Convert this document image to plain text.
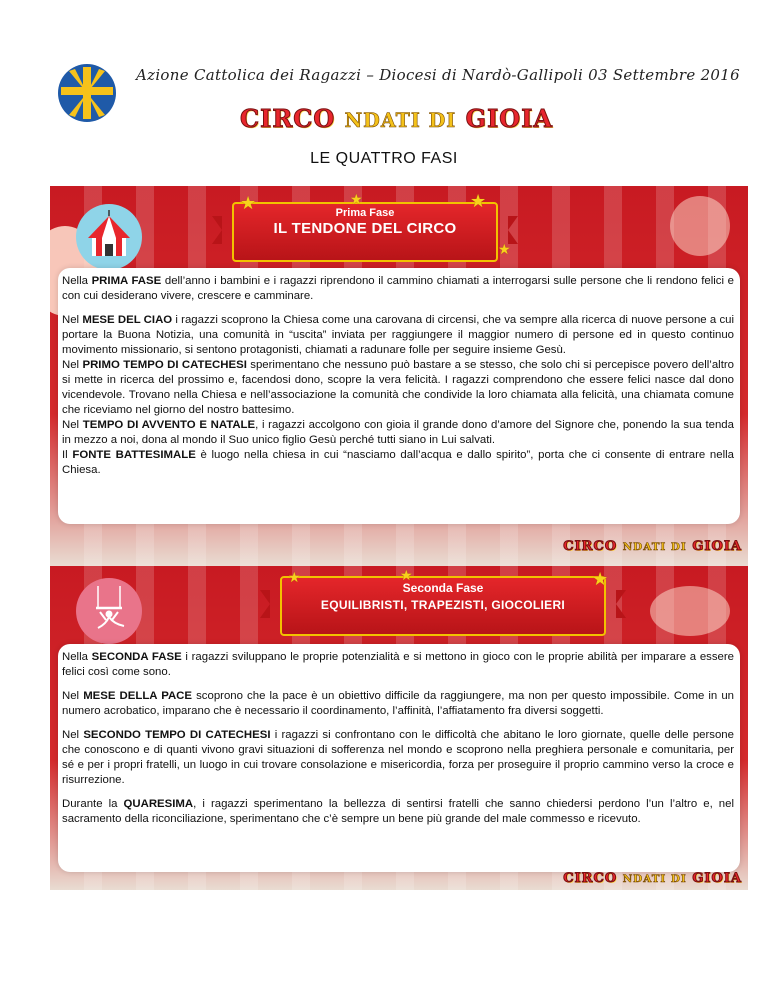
Azione Cattolica dei Ragazzi – Diocesi di Nardò-Gallipoli 03 Settembre 2016
CIRCO NDATI DI GIOIA
LE QUATTRO FASI
Prima Fase
IL TENDONE DEL CIRCO
★	★	★
★

Nella PRIMA FASE dell’anno i bambini e i ragazzi riprendono il cammino chiamati a interrogarsi sulle persone che li rendono felici e con cui desiderano vivere, crescere e camminare.

Nel MESE DEL CIAO i ragazzi scoprono la Chiesa come una carovana di circensi, che va sempre alla ricerca di nuove persone a cui portare la Buona Notizia, una comunità in “uscita” inviata per raggiungere il maggior numero di persone ed in questo continuo movimento missionario, si sentono protagonisti, chiamati a radunare folle per seguire insieme Gesù.

Nel PRIMO TEMPO DI CATECHESI sperimentano che nessuno può bastare a se stesso, che solo chi si percepisce povero dell’altro si mette in ricerca del prossimo e, facendosi dono, scopre la vera felicità. I ragazzi comprendono che essere felici nasce dal dono vicendevole. Trovano nella Chiesa e nell’associazione la comunità che condivide la loro chiamata alla felicità, una chiamata comune che riceviamo nel giorno del nostro battesimo.

Nel TEMPO DI AVVENTO E NATALE, i ragazzi accolgono con gioia il grande dono d’amore del Signore che, ponendo la sua tenda in mezzo a noi, dona al mondo il Suo unico figlio Gesù perché tutti siano in Lui salvati.

Il FONTE BATTESIMALE è luogo nella chiesa in cui “nasciamo dall’acqua e dallo spirito”, porta che ci consente di entrare nella Chiesa.

CIRCO NDATI DI GIOIA
Seconda Fase
EQUILIBRISTI, TRAPEZISTI, GIOCOLIERI
★	★	★

Nella SECONDA FASE i ragazzi sviluppano le proprie potenzialità e si mettono in gioco con le proprie abilità per imparare a essere felici così come sono.

Nel MESE DELLA PACE scoprono che la pace è un obiettivo difficile da raggiungere, ma non per questo impossibile. Come in un numero acrobatico, imparano che è necessario il coordinamento, l’affinità, l’affiatamento fra diversi soggetti.

Nel SECONDO TEMPO DI CATECHESI i ragazzi si confrontano con le difficoltà che abitano le loro giornate, quelle delle persone che conoscono e di quanti vivono gravi situazioni di sofferenza nel mondo e scoprono nella preghiera personale e comunitaria, per sé e per i propri fratelli, un luogo in cui trovare consolazione e misericordia, forza per proseguire il proprio cammino verso la croce e risurrezione.

Durante la QUARESIMA, i ragazzi sperimentano la bellezza di sentirsi fratelli che sanno chiedersi perdono l’un l’altro e, nel sacramento della riconciliazione, sperimentano che c’è sempre un bene più grande del male commesso e ricevuto.

CIRCO NDATI DI GIOIA
